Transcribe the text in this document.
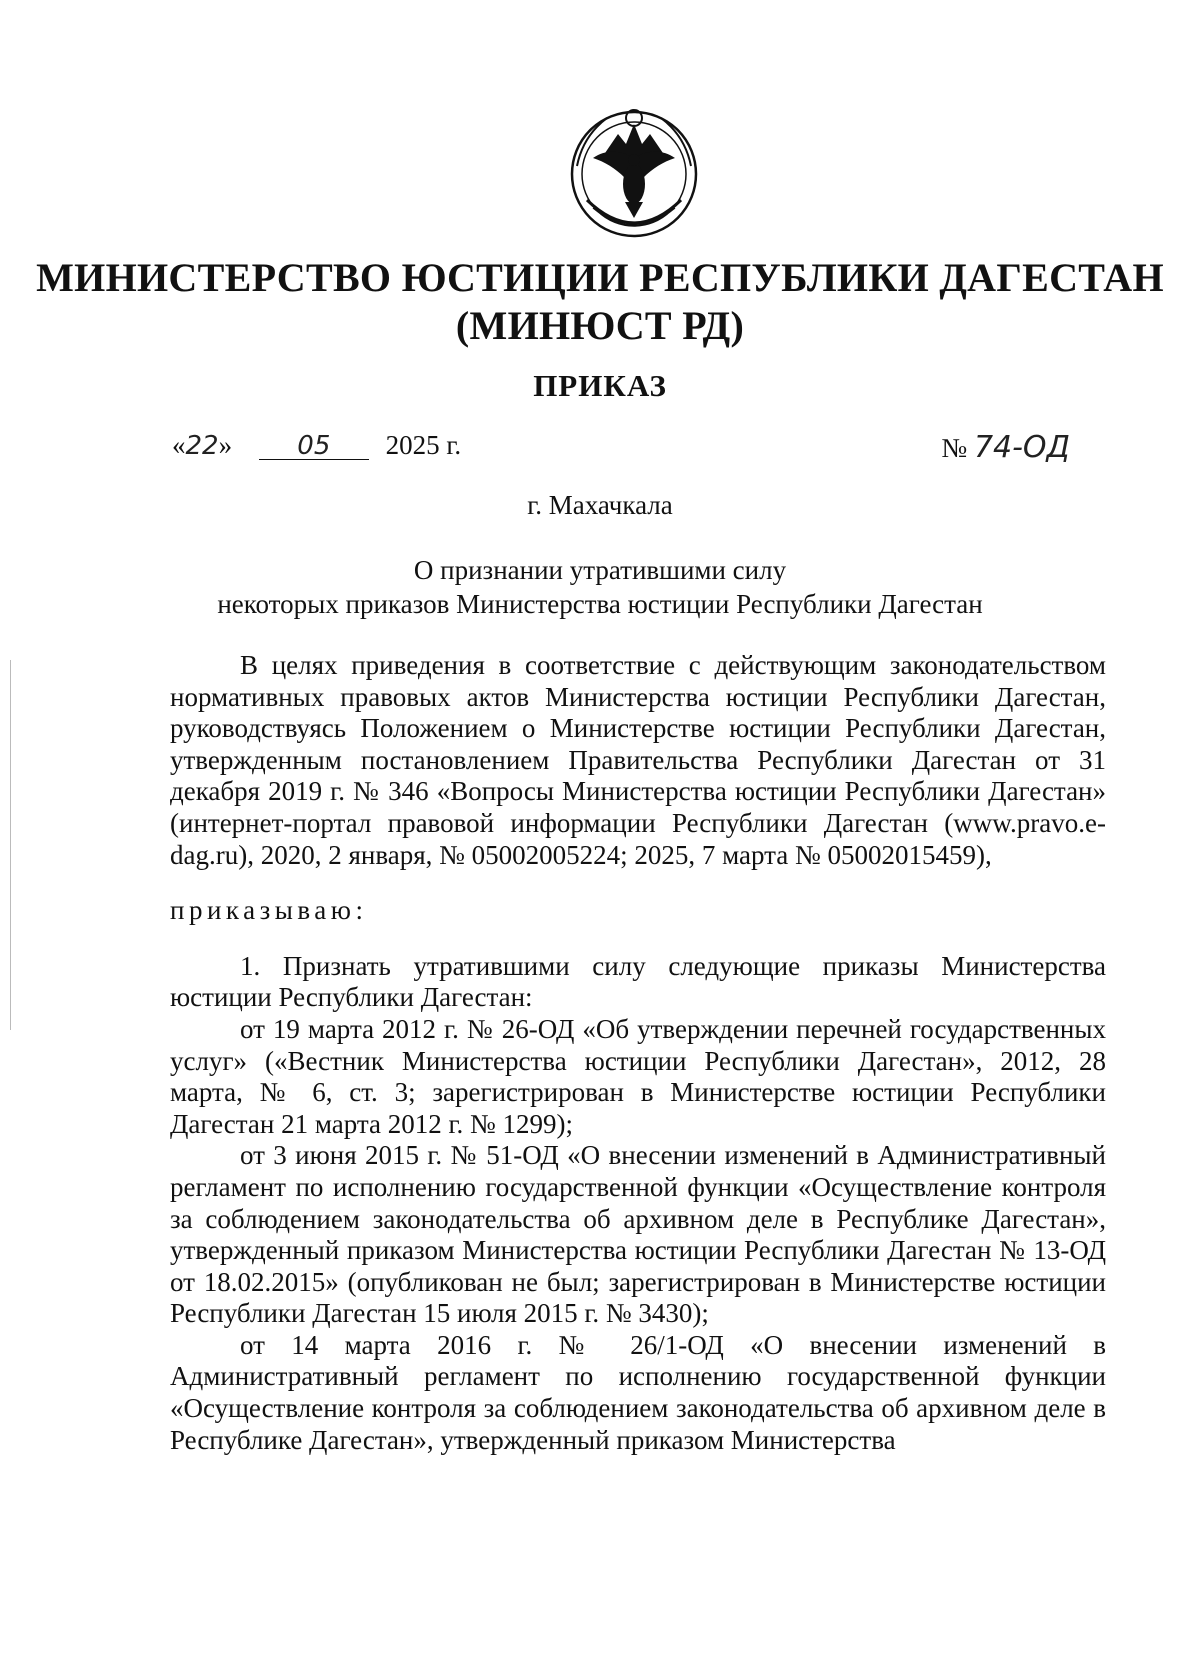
МИНИСТЕРСТВО ЮСТИЦИИ РЕСПУБЛИКИ ДАГЕСТАН
(МИНЮСТ РД)
ПРИКАЗ
«22»	05 2025 г.	№ 74-ОД
г. Махачкала
О признании утратившими силу
некоторых приказов Министерства юстиции Республики Дагестан

В целях приведения в соответствие с действующим законодательством нормативных правовых актов Министерства юстиции Республики Дагестан, руководствуясь Положением о Министерстве юстиции Республики Дагестан, утвержденным постановлением Правительства Республики Дагестан от 31 декабря 2019 г. № 346 «Вопросы Министерства юстиции Республики Дагестан» (интернет-портал правовой информации Республики Дагестан (www.pravo.e-dag.ru), 2020, 2 января, № 05002005224; 2025, 7 марта № 05002015459),

приказываю:

1. Признать утратившими силу следующие приказы Министерства юстиции Республики Дагестан:

от 19 марта 2012 г. № 26-ОД «Об утверждении перечней государственных услуг» («Вестник Министерства юстиции Республики Дагестан», 2012, 28 марта, № 6, ст. 3; зарегистрирован в Министерстве юстиции Республики Дагестан 21 марта 2012 г. № 1299);

от 3 июня 2015 г. № 51-ОД «О внесении изменений в Административный регламент по исполнению государственной функции «Осуществление контроля за соблюдением законодательства об архивном деле в Республике Дагестан», утвержденный приказом Министерства юстиции Республики Дагестан № 13-ОД от 18.02.2015» (опубликован не был; зарегистрирован в Министерстве юстиции Республики Дагестан 15 июля 2015 г. № 3430);

от 14 марта 2016 г. № 26/1-ОД «О внесении изменений в Административный регламент по исполнению государственной функции «Осуществление контроля за соблюдением законодательства об архивном деле в Республике Дагестан», утвержденный приказом Министерства
